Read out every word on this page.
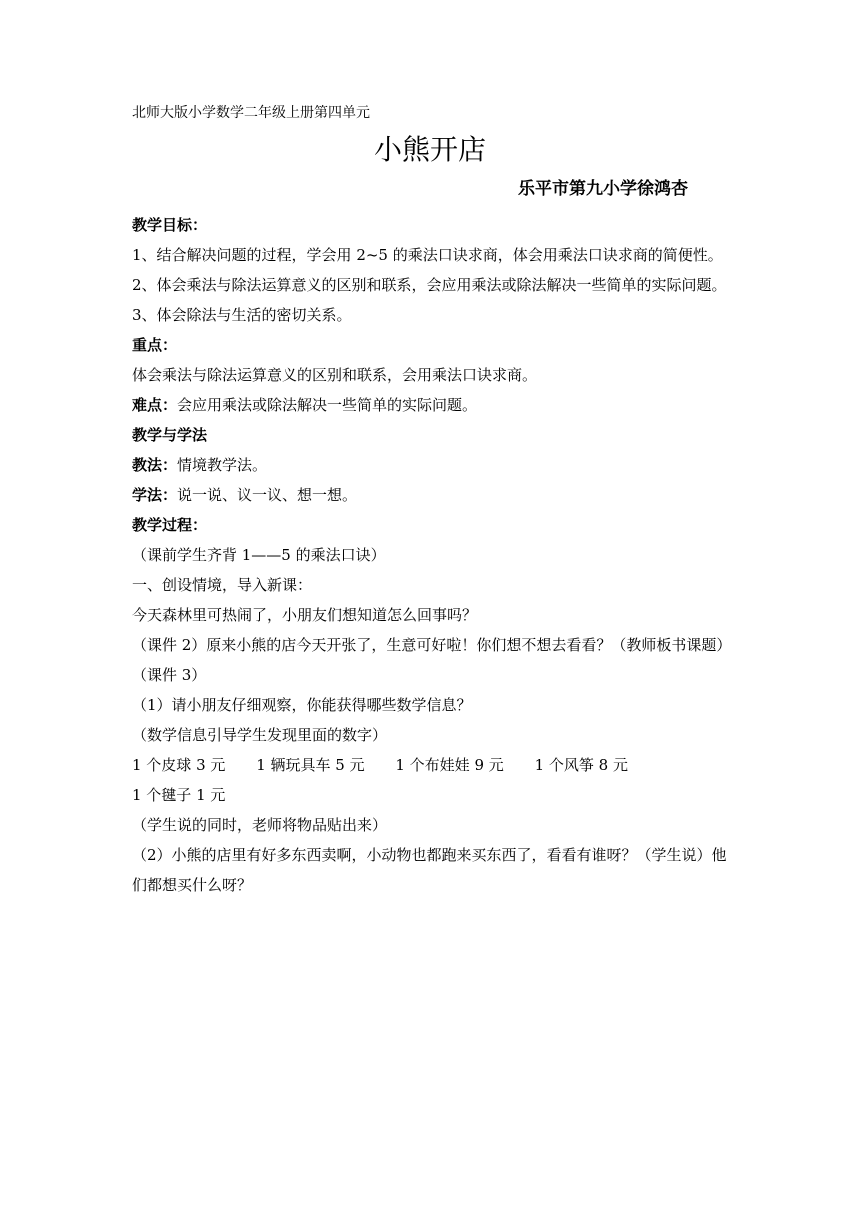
北师大版小学数学二年级上册第四单元
小熊开店
乐平市第九小学徐鸿杏
教学目标：
1、结合解决问题的过程，学会用 2~5 的乘法口诀求商，体会用乘法口诀求商的简便性。
2、体会乘法与除法运算意义的区别和联系，会应用乘法或除法解决一些简单的实际问题。
3、体会除法与生活的密切关系。
重点：
体会乘法与除法运算意义的区别和联系，会用乘法口诀求商。
难点：会应用乘法或除法解决一些简单的实际问题。
教学与学法
教法：情境教学法。
学法：说一说、议一议、想一想。
教学过程：
（课前学生齐背 1——5 的乘法口诀）
一、创设情境，导入新课：
今天森林里可热闹了，小朋友们想知道怎么回事吗？
（课件 2）原来小熊的店今天开张了，生意可好啦！你们想不想去看看？（教师板书课题）
（课件 3）
（1）请小朋友仔细观察，你能获得哪些数学信息？
（数学信息引导学生发现里面的数字）
1 个皮球 3 元 1 辆玩具车 5 元 1 个布娃娃 9 元 1 个风筝 8 元 1 个毽子 1 元
（学生说的同时，老师将物品贴出来）
（2）小熊的店里有好多东西卖啊，小动物也都跑来买东西了，看看有谁呀？（学生说）他们都想买什么呀？
